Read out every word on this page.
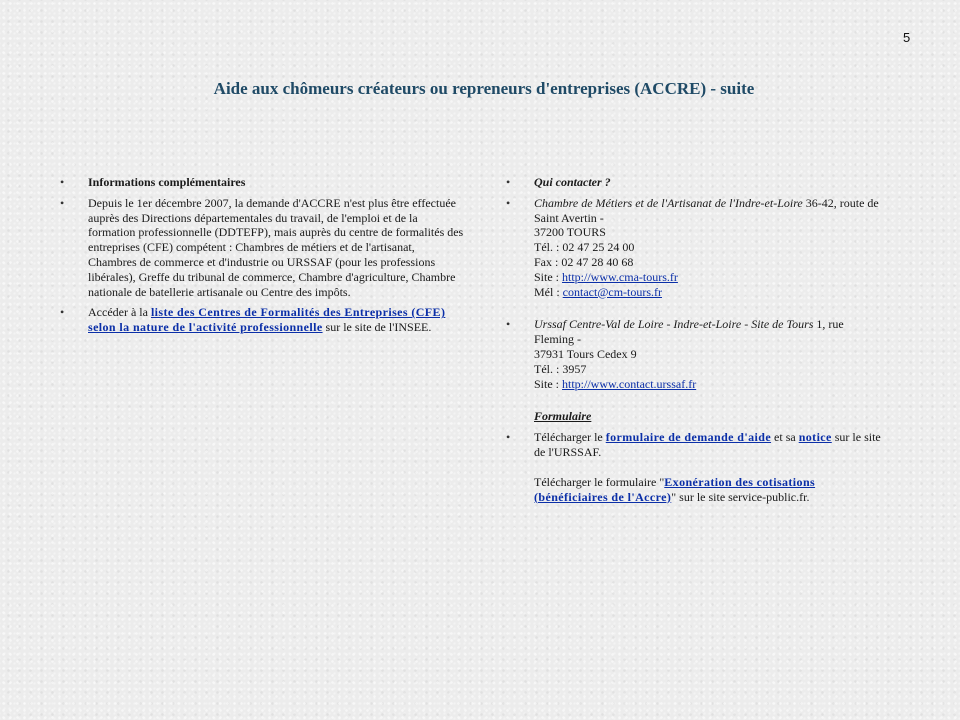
5
Aide aux chômeurs créateurs ou repreneurs d'entreprises (ACCRE) - suite
• Informations complémentaires
• Depuis le 1er décembre 2007, la demande d'ACCRE n'est plus être effectuée auprès des Directions départementales du travail, de l'emploi et de la formation professionnelle (DDTEFP), mais auprès du centre de formalités des entreprises (CFE) compétent : Chambres de métiers et de l'artisanat, Chambres de commerce et d'industrie ou URSSAF (pour les professions libérales), Greffe du tribunal de commerce, Chambre d'agriculture, Chambre nationale de batellerie artisanale ou Centre des impôts.
• Accéder à la liste des Centres de Formalités des Entreprises (CFE) selon la nature de l'activité professionnelle sur le site de l'INSEE.
• Qui contacter ?
• Chambre de Métiers et de l'Artisanat de l'Indre-et-Loire 36-42, route de Saint Avertin -
37200 TOURS
Tél. : 02 47 25 24 00
Fax : 02 47 28 40 68
Site : http://www.cma-tours.fr
Mél : contact@cm-tours.fr
• Urssaf Centre-Val de Loire - Indre-et-Loire - Site de Tours 1, rue Fleming -
37931 Tours Cedex 9
Tél. : 3957
Site : http://www.contact.urssaf.fr
Formulaire
• Télécharger le formulaire de demande d'aide et sa notice sur le site de l'URSSAF.
Télécharger le formulaire "Exonération des cotisations (bénéficiaires de l'Accre)" sur le site service-public.fr.
